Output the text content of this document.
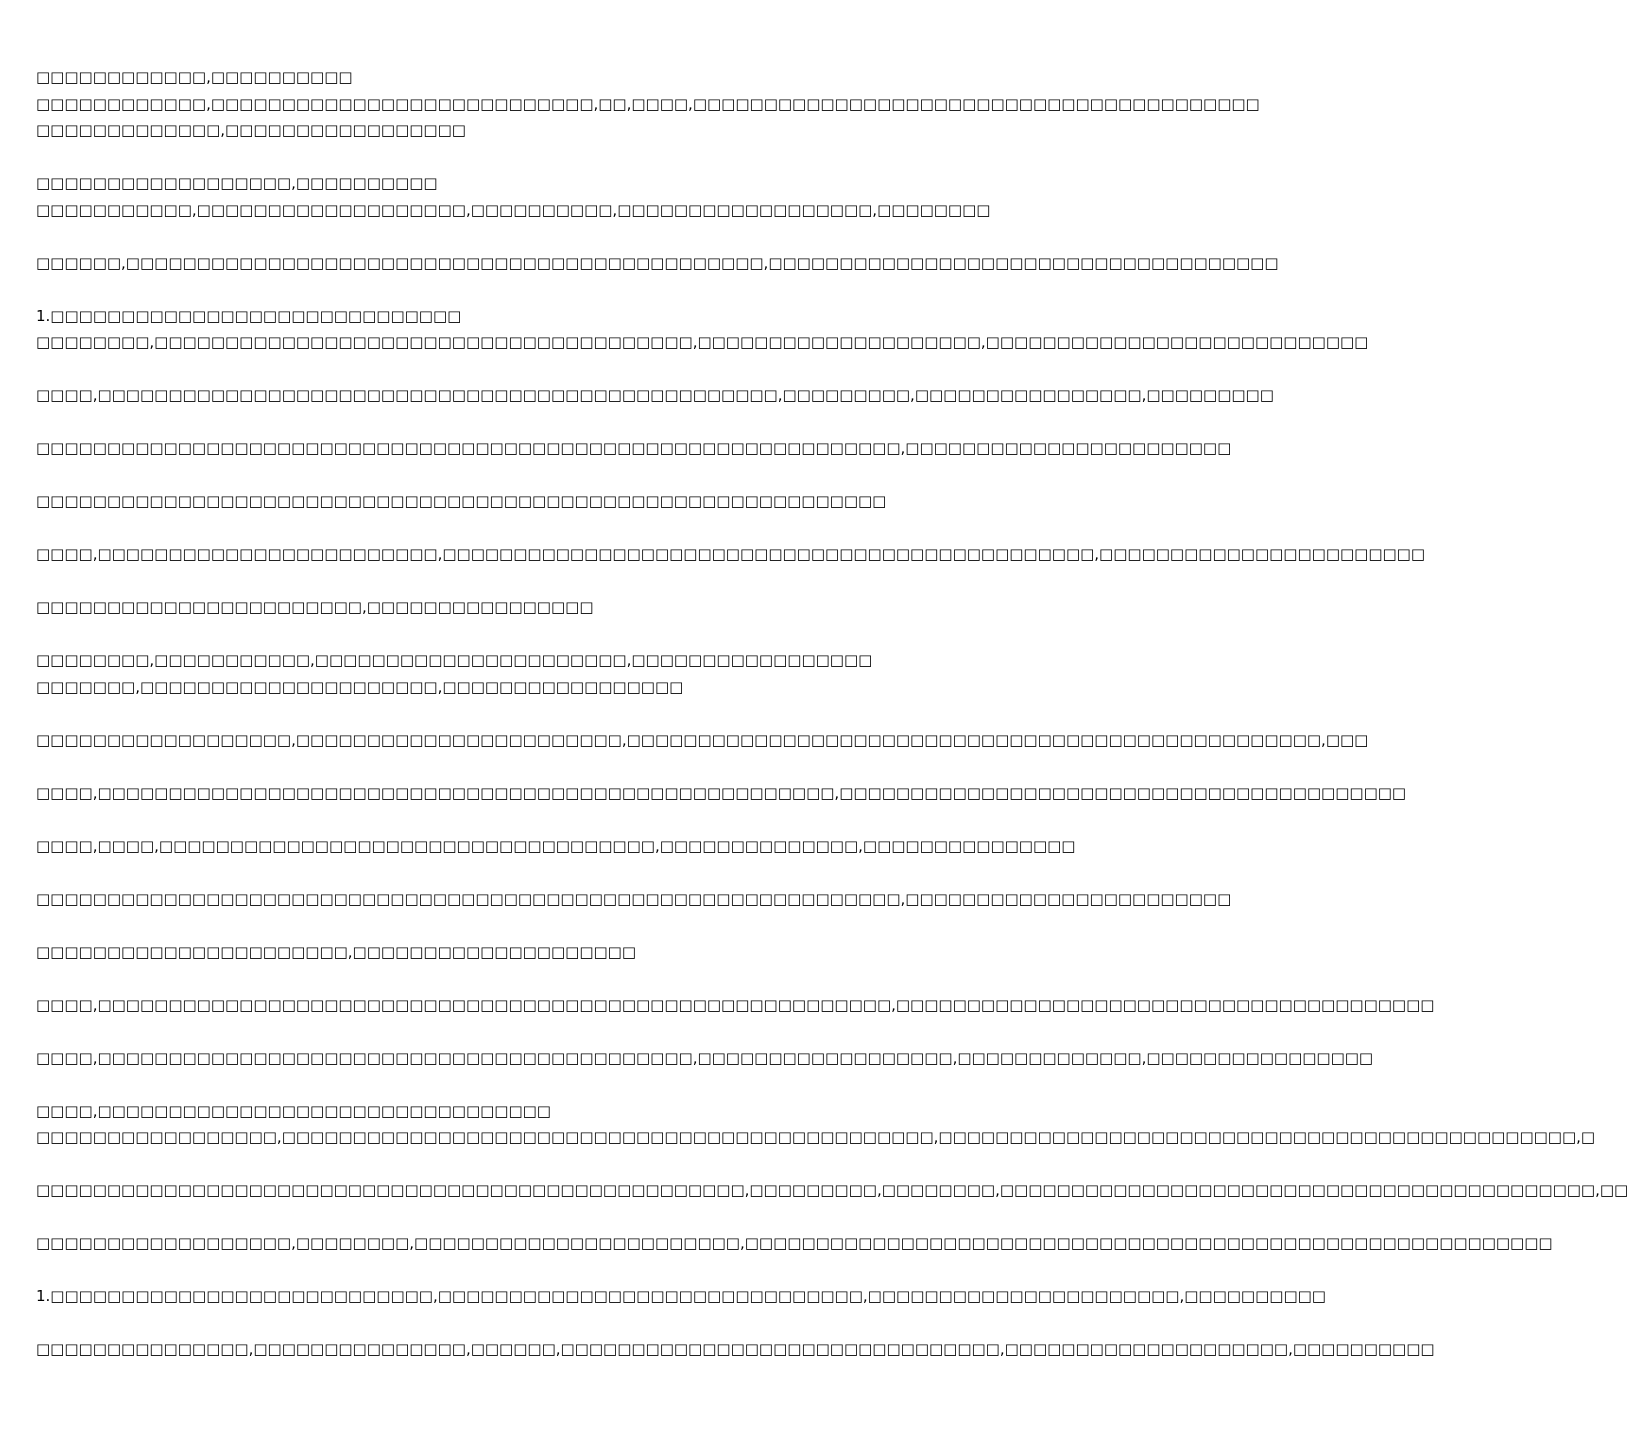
□□□□□□□□□□□□,□□□□□□□□□□
□□□□□□□□□□□□,□□□□□□□□□□□□□□□□□□□□□□□□□□□,□□,□□□□,□□□□□□□□□□□□□□□□□□□□□□□□□□□□□□□□□□□□□□□□
□□□□□□□□□□□□□,□□□□□□□□□□□□□□□□□
□□□□□□□□□□□□□□□□□□,□□□□□□□□□□
□□□□□□□□□□□,□□□□□□□□□□□□□□□□□□□,□□□□□□□□□□,□□□□□□□□□□□□□□□□□□,□□□□□□□□
□□□□□□,□□□□□□□□□□□□□□□□□□□□□□□□□□□□□□□□□□□□□□□□□□□□□,□□□□□□□□□□□□□□□□□□□□□□□□□□□□□□□□□□□□
1.□□□□□□□□□□□□□□□□□□□□□□□□□□□□□
□□□□□□□□,□□□□□□□□□□□□□□□□□□□□□□□□□□□□□□□□□□□□□□,□□□□□□□□□□□□□□□□□□□□,□□□□□□□□□□□□□□□□□□□□□□□□□□□
□□□□,□□□□□□□□□□□□□□□□□□□□□□□□□□□□□□□□□□□□□□□□□□□□□□□□,□□□□□□□□□,□□□□□□□□□□□□□□□□,□□□□□□□□□
□□□□□□□□□□□□□□□□□□□□□□□□□□□□□□□□□□□□□□□□□□□□□□□□□□□□□□□□□□□□□,□□□□□□□□□□□□□□□□□□□□□□□
□□□□□□□□□□□□□□□□□□□□□□□□□□□□□□□□□□□□□□□□□□□□□□□□□□□□□□□□□□□□
□□□□,□□□□□□□□□□□□□□□□□□□□□□□□,□□□□□□□□□□□□□□□□□□□□□□□□□□□□□□□□□□□□□□□□□□□□□□,□□□□□□□□□□□□□□□□□□□□□□□
□□□□□□□□□□□□□□□□□□□□□□□,□□□□□□□□□□□□□□□□
□□□□□□□□,□□□□□□□□□□□,□□□□□□□□□□□□□□□□□□□□□□,□□□□□□□□□□□□□□□□□
□□□□□□□,□□□□□□□□□□□□□□□□□□□□□,□□□□□□□□□□□□□□□□□
□□□□□□□□□□□□□□□□□□,□□□□□□□□□□□□□□□□□□□□□□□,□□□□□□□□□□□□□□□□□□□□□□□□□□□□□□□□□□□□□□□□□□□□□□□□□,□□□
□□□□,□□□□□□□□□□□□□□□□□□□□□□□□□□□□□□□□□□□□□□□□□□□□□□□□□□□□,□□□□□□□□□□□□□□□□□□□□□□□□□□□□□□□□□□□□□□□□
□□□□,□□□□,□□□□□□□□□□□□□□□□□□□□□□□□□□□□□□□□□□□,□□□□□□□□□□□□□□,□□□□□□□□□□□□□□□
□□□□□□□□□□□□□□□□□□□□□□□□□□□□□□□□□□□□□□□□□□□□□□□□□□□□□□□□□□□□□,□□□□□□□□□□□□□□□□□□□□□□□
□□□□□□□□□□□□□□□□□□□□□□,□□□□□□□□□□□□□□□□□□□□
□□□□,□□□□□□□□□□□□□□□□□□□□□□□□□□□□□□□□□□□□□□□□□□□□□□□□□□□□□□□□,□□□□□□□□□□□□□□□□□□□□□□□□□□□□□□□□□□□□□□
□□□□,□□□□□□□□□□□□□□□□□□□□□□□□□□□□□□□□□□□□□□□□□□,□□□□□□□□□□□□□□□□□□,□□□□□□□□□□□□□,□□□□□□□□□□□□□□□□
□□□□,□□□□□□□□□□□□□□□□□□□□□□□□□□□□□□□□
□□□□□□□□□□□□□□□□□,□□□□□□□□□□□□□□□□□□□□□□□□□□□□□□□□□□□□□□□□□□□□□□,□□□□□□□□□□□□□□□□□□□□□□□□□□□□□□□□□□□□□□□□□□□□□,□
□□□□□□□□□□□□□□□□□□□□□□□□□□□□□□□□□□□□□□□□□□□□□□□□□□,□□□□□□□□□,□□□□□□□□,□□□□□□□□□□□□□□□□□□□□□□□□□□□□□□□□□□□□□□□□□□,□□
□□□□□□□□□□□□□□□□□□,□□□□□□□□,□□□□□□□□□□□□□□□□□□□□□□□,□□□□□□□□□□□□□□□□□□□□□□□□□□□□□□□□□□□□□□□□□□□□□□□□□□□□□□□□□
1.□□□□□□□□□□□□□□□□□□□□□□□□□□□,□□□□□□□□□□□□□□□□□□□□□□□□□□□□□□,□□□□□□□□□□□□□□□□□□□□□□,□□□□□□□□□□
□□□□□□□□□□□□□□□,□□□□□□□□□□□□□□□,□□□□□□,□□□□□□□□□□□□□□□□□□□□□□□□□□□□□□□,□□□□□□□□□□□□□□□□□□□□,□□□□□□□□□□
